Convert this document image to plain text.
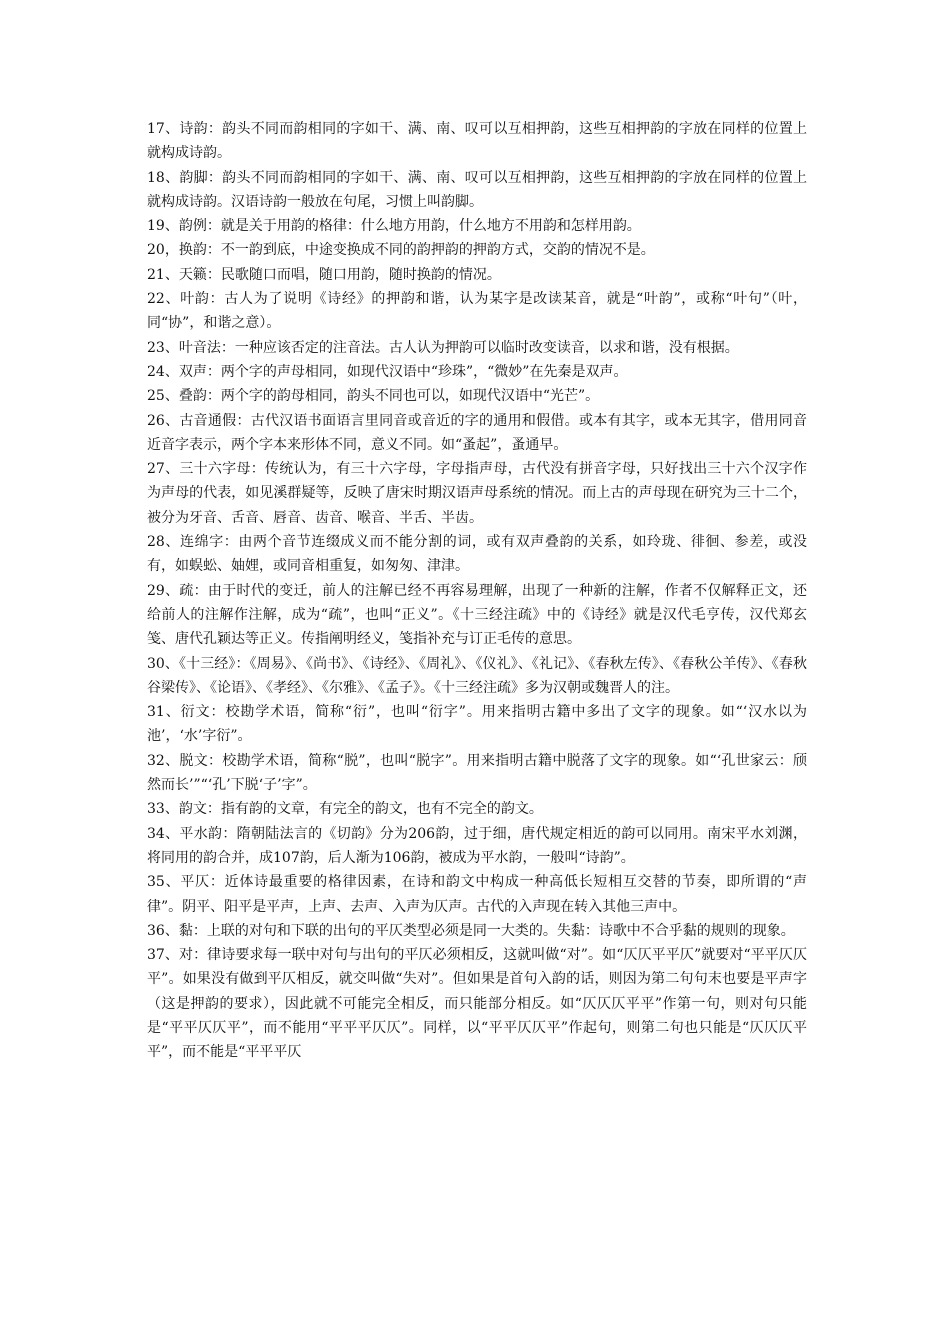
17、诗韵：韵头不同而韵相同的字如干、满、南、叹可以互相押韵，这些互相押韵的字放在同样的位置上就构成诗韵。

18、韵脚：韵头不同而韵相同的字如干、满、南、叹可以互相押韵，这些互相押韵的字放在同样的位置上就构成诗韵。汉语诗韵一般放在句尾，习惯上叫韵脚。

19、韵例：就是关于用韵的格律：什么地方用韵，什么地方不用韵和怎样用韵。

20，换韵：不一韵到底，中途变换成不同的韵押韵的押韵方式，交韵的情况不是。

21、天籁：民歌随口而唱，随口用韵，随时换韵的情况。

22、叶韵：古人为了说明《诗经》的押韵和谐，认为某字是改读某音，就是“叶韵”，或称“叶句”（叶，同“协”，和谐之意）。

23、叶音法：一种应该否定的注音法。古人认为押韵可以临时改变读音，以求和谐，没有根据。

24、双声：两个字的声母相同，如现代汉语中“珍珠”，“微妙”在先秦是双声。

25、叠韵：两个字的韵母相同，韵头不同也可以，如现代汉语中“光芒”。

26、古音通假：古代汉语书面语言里同音或音近的字的通用和假借。或本有其字，或本无其字，借用同音近音字表示，两个字本来形体不同，意义不同。如“蚤起”，蚤通早。

27、三十六字母：传统认为，有三十六字母，字母指声母，古代没有拼音字母，只好找出三十六个汉字作为声母的代表，如见溪群疑等，反映了唐宋时期汉语声母系统的情况。而上古的声母现在研究为三十二个，被分为牙音、舌音、唇音、齿音、喉音、半舌、半齿。

28、连绵字：由两个音节连缀成义而不能分割的词，或有双声叠韵的关系，如玲珑、徘徊、参差，或没有，如蜈蚣、妯娌，或同音相重复，如匆匆、津津。

29、疏：由于时代的变迁，前人的注解已经不再容易理解，出现了一种新的注解，作者不仅解释正文，还给前人的注解作注解，成为“疏”，也叫“正义”。《十三经注疏》中的《诗经》就是汉代毛亨传，汉代郑玄笺、唐代孔颖达等正义。传指阐明经义，笺指补充与订正毛传的意思。

30、《十三经》：《周易》、《尚书》、《诗经》、《周礼》、《仪礼》、《礼记》、《春秋左传》、《春秋公羊传》、《春秋谷梁传》、《论语》、《孝经》、《尔雅》、《孟子》。《十三经注疏》多为汉朝或魏晋人的注。

31、衍文：校勘学术语，简称“衍”，也叫“衍字”。用来指明古籍中多出了文字的现象。如“‘汉水以为池’，‘水’字衍”。

32、脱文：校勘学术语，简称“脱”，也叫“脱字”。用来指明古籍中脱落了文字的现象。如“‘孔世家云：颀然而长’”“‘孔’下脱‘子’字”。

33、韵文：指有韵的文章，有完全的韵文，也有不完全的韵文。

34、平水韵：隋朝陆法言的《切韵》分为206韵，过于细，唐代规定相近的韵可以同用。南宋平水刘渊，将同用的韵合并，成107韵，后人渐为106韵，被成为平水韵，一般叫“诗韵”。

35、平仄：近体诗最重要的格律因素，在诗和韵文中构成一种高低长短相互交替的节奏，即所谓的“声律”。阴平、阳平是平声，上声、去声、入声为仄声。古代的入声现在转入其他三声中。

36、黏：上联的对句和下联的出句的平仄类型必须是同一大类的。失黏：诗歌中不合乎黏的规则的现象。

37、对：律诗要求每一联中对句与出句的平仄必须相反，这就叫做“对”。如“仄仄平平仄”就要对“平平仄仄平”。如果没有做到平仄相反，就交叫做“失对”。但如果是首句入韵的话，则因为第二句句末也要是平声字（这是押韵的要求），因此就不可能完全相反，而只能部分相反。如“仄仄仄平平”作第一句，则对句只能是“平平仄仄平”，而不能用“平平平仄仄”。同样，以“平平仄仄平”作起句，则第二句也只能是“仄仄仄平平”，而不能是“平平平仄
